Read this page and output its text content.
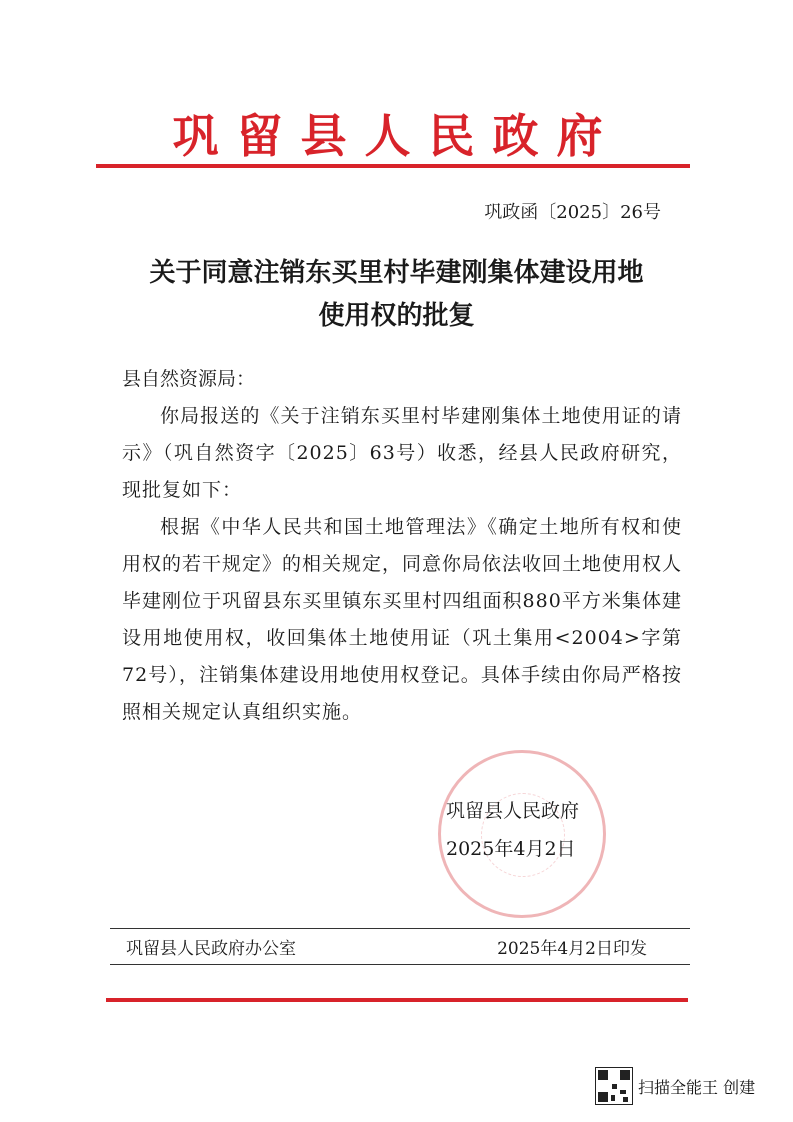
巩留县人民政府
巩政函〔2025〕26号
关于同意注销东买里村毕建刚集体建设用地
使用权的批复
县自然资源局：

你局报送的《关于注销东买里村毕建刚集体土地使用证的请示》（巩自然资字〔2025〕63号）收悉，经县人民政府研究，现批复如下：

根据《中华人民共和国土地管理法》《确定土地所有权和使用权的若干规定》的相关规定，同意你局依法收回土地使用权人毕建刚位于巩留县东买里镇东买里村四组面积880平方米集体建设用地使用权，收回集体土地使用证（巩土集用<2004>字第72号），注销集体建设用地使用权登记。具体手续由你局严格按照相关规定认真组织实施。

巩留县人民政府
2025年4月2日
巩留县人民政府办公室	2025年4月2日印发
扫描全能王 创建
